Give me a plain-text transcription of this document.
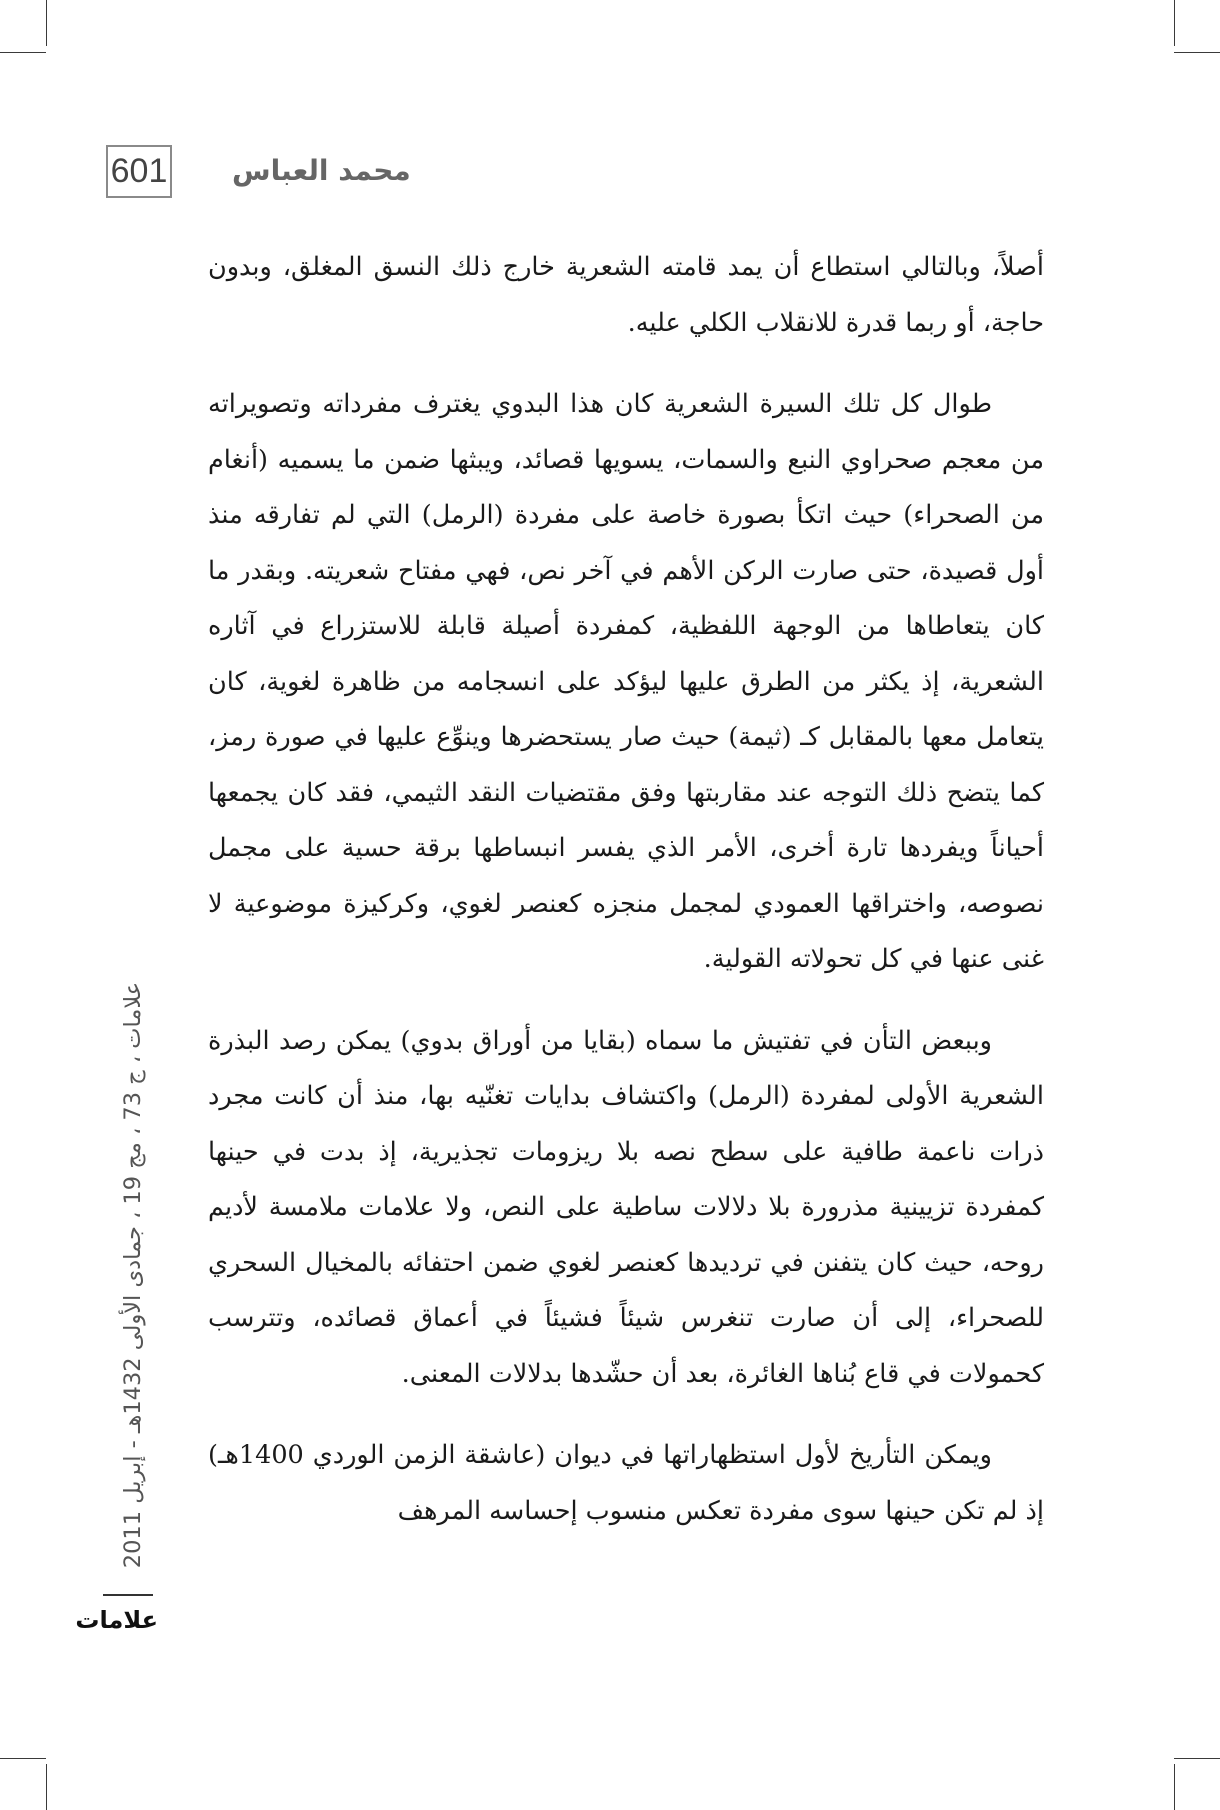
601 محمد العباس

أصلاً، وبالتالي استطاع أن يمد قامته الشعرية خارج ذلك النسق المغلق، وبدون حاجة، أو ربما قدرة للانقلاب الكلي عليه.

طوال كل تلك السيرة الشعرية كان هذا البدوي يغترف مفرداته وتصويراته من معجم صحراوي النبع والسمات، يسويها قصائد، ويبثها ضمن ما يسميه (أنغام من الصحراء) حيث اتكأ بصورة خاصة على مفردة (الرمل) التي لم تفارقه منذ أول قصيدة، حتى صارت الركن الأهم في آخر نص، فهي مفتاح شعريته. وبقدر ما كان يتعاطاها من الوجهة اللفظية، كمفردة أصيلة قابلة للاستزراع في آثاره الشعرية، إذ يكثر من الطرق عليها ليؤكد على انسجامه من ظاهرة لغوية، كان يتعامل معها بالمقابل كـ (ثيمة) حيث صار يستحضرها وينوِّع عليها في صورة رمز، كما يتضح ذلك التوجه عند مقاربتها وفق مقتضيات النقد الثيمي، فقد كان يجمعها أحياناً ويفردها تارة أخرى، الأمر الذي يفسر انبساطها برقة حسية على مجمل نصوصه، واختراقها العمودي لمجمل منجزه كعنصر لغوي، وكركيزة موضوعية لا غنى عنها في كل تحولاته القولية.

وببعض التأن في تفتيش ما سماه (بقايا من أوراق بدوي) يمكن رصد البذرة الشعرية الأولى لمفردة (الرمل) واكتشاف بدايات تغنّيه بها، منذ أن كانت مجرد ذرات ناعمة طافية على سطح نصه بلا ريزومات تجذيرية، إذ بدت في حينها كمفردة تزيينية مذرورة بلا دلالات ساطية على النص، ولا علامات ملامسة لأديم روحه، حيث كان يتفنن في ترديدها كعنصر لغوي ضمن احتفائه بالمخيال السحري للصحراء، إلى أن صارت تنغرس شيئاً فشيئاً في أعماق قصائده، وتترسب كحمولات في قاع بُناها الغائرة، بعد أن حشّدها بدلالات المعنى.

ويمكن التأريخ لأول استظهاراتها في ديوان (عاشقة الزمن الوردي 1400هـ) إذ لم تكن حينها سوى مفردة تعكس منسوب إحساسه المرهف

علامات ، ج 73 ، مج 19 ، جمادى الأولى 1432هـ - إبريل 2011
علامات
